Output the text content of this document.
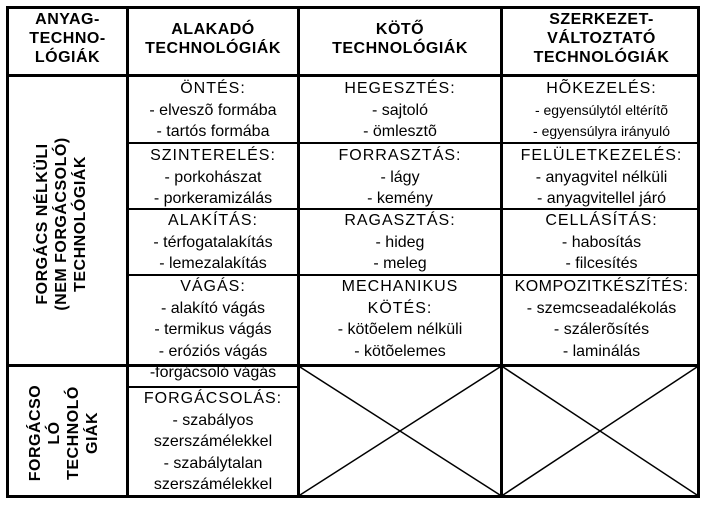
ANYAG-
TECHNO-
LÓGIÁK
ALAKADÓ
TECHNOLÓGIÁK
KÖTŐ
TECHNOLÓGIÁK
SZERKEZET-
VÁLTOZTATÓ
TECHNOLÓGIÁK
FORGÁCS NÉLKÜLI (NEM FORGÁCSOLÓ) TECHNOLÓGIÁK
FORGÁCSO LÓ TECHNOLÓ GIÁK
ÖNTÉS:
- elveszõ formába
- tartós formába
SZINTERELÉS:
- porkohászat
- porkeramizálás
ALAKÍTÁS:
- térfogatalakítás
- lemezalakítás
VÁGÁS:
- alakító vágás
- termikus vágás
- eróziós vágás
-forgácsoló vágás
FORGÁCSOLÁS:
- szabályos
szerszámélekkel
- szabálytalan
szerszámélekkel
HEGESZTÉS:
- sajtoló
- ömlesztõ
FORRASZTÁS:
- lágy
- kemény
RAGASZTÁS:
- hideg
- meleg
MECHANIKUS
KÖTÉS:
- kötõelem nélküli
- kötõelemes
HÕKEZELÉS:
- egyensúlytól eltérítõ
- egyensúlyra irányuló
FELÜLETKEZELÉS:
- anyagvitel nélküli
- anyagvitellel járó
CELLÁSÍTÁS:
- habosítás
- filcesítés
KOMPOZITKÉSZÍTÉS:
- szemcseadalékolás
- szálerõsítés
- laminálás
